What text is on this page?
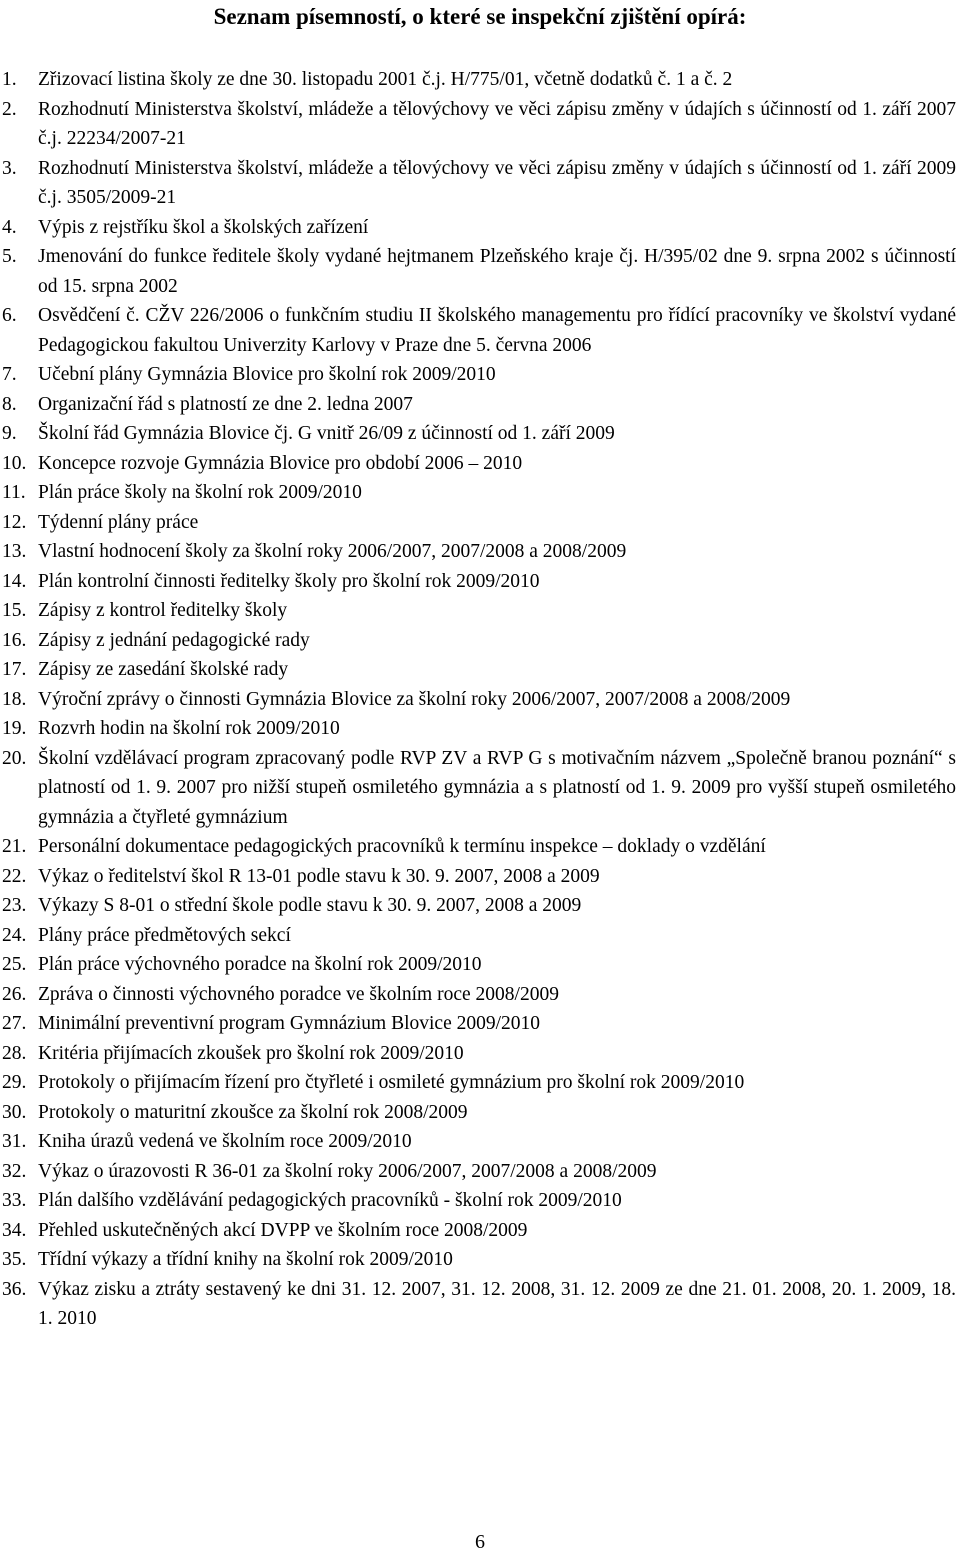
Seznam písemností, o které se inspekční zjištění opírá:
1.	Zřizovací listina školy ze dne 30. listopadu 2001 č.j. H/775/01, včetně dodatků č. 1 a č. 2
2.	Rozhodnutí Ministerstva školství, mládeže a tělovýchovy ve věci zápisu změny v údajích s účinností od 1. září 2007 č.j. 22234/2007-21
3.	Rozhodnutí Ministerstva školství, mládeže a tělovýchovy ve věci zápisu změny v údajích s účinností od 1. září 2009 č.j. 3505/2009-21
4.	Výpis z rejstříku škol a školských zařízení
5.	Jmenování do funkce ředitele školy vydané hejtmanem Plzeňského kraje čj. H/395/02 dne 9. srpna 2002 s účinností od 15. srpna 2002
6.	Osvědčení č. CŽV 226/2006 o funkčním studiu II školského managementu pro řídící pracovníky ve školství vydané Pedagogickou fakultou Univerzity Karlovy v Praze dne 5. června 2006
7.	Učební plány Gymnázia Blovice pro školní rok 2009/2010
8.	Organizační řád s platností ze dne 2. ledna 2007
9.	Školní řád Gymnázia Blovice čj. G vnitř 26/09 z účinností od 1. září 2009
10. Koncepce rozvoje Gymnázia Blovice pro období 2006 – 2010
11. Plán práce školy na školní rok 2009/2010
12. Týdenní plány práce
13. Vlastní hodnocení školy za školní roky 2006/2007, 2007/2008 a 2008/2009
14. Plán kontrolní činnosti ředitelky školy pro školní rok 2009/2010
15. Zápisy z kontrol ředitelky školy
16. Zápisy z jednání pedagogické rady
17. Zápisy ze zasedání školské rady
18. Výroční zprávy o činnosti Gymnázia Blovice za školní roky 2006/2007, 2007/2008 a 2008/2009
19. Rozvrh hodin na školní rok 2009/2010
20. Školní vzdělávací program zpracovaný podle RVP ZV a RVP G s motivačním názvem „Společně branou poznání“ s platností od 1. 9. 2007 pro nižší stupeň osmiletého gymnázia a s platností od 1. 9. 2009 pro vyšší stupeň osmiletého gymnázia a čtyřleté gymnázium
21. Personální dokumentace pedagogických pracovníků k termínu inspekce – doklady o vzdělání
22. Výkaz o ředitelství škol R 13-01 podle stavu k 30. 9. 2007, 2008 a 2009
23. Výkazy S 8-01 o střední škole podle stavu k 30. 9. 2007, 2008 a 2009
24. Plány práce předmětových sekcí
25. Plán práce výchovného poradce na školní rok 2009/2010
26. Zpráva o činnosti výchovného poradce ve školním roce 2008/2009
27. Minimální preventivní program Gymnázium Blovice 2009/2010
28. Kritéria přijímacích zkoušek pro školní rok 2009/2010
29. Protokoly o přijímacím řízení pro čtyřleté i osmileté gymnázium pro školní rok 2009/2010
30. Protokoly o maturitní zkoušce za školní rok 2008/2009
31. Kniha úrazů vedená ve školním roce 2009/2010
32. Výkaz o úrazovosti R 36-01 za školní roky 2006/2007, 2007/2008 a 2008/2009
33. Plán dalšího vzdělávání pedagogických pracovníků - školní rok 2009/2010
34. Přehled uskutečněných akcí DVPP ve školním roce 2008/2009
35. Třídní výkazy a třídní knihy na školní rok 2009/2010
36. Výkaz zisku a ztráty sestavený ke dni 31. 12. 2007, 31. 12. 2008, 31. 12. 2009 ze dne 21. 01. 2008, 20. 1. 2009, 18. 1. 2010
6
